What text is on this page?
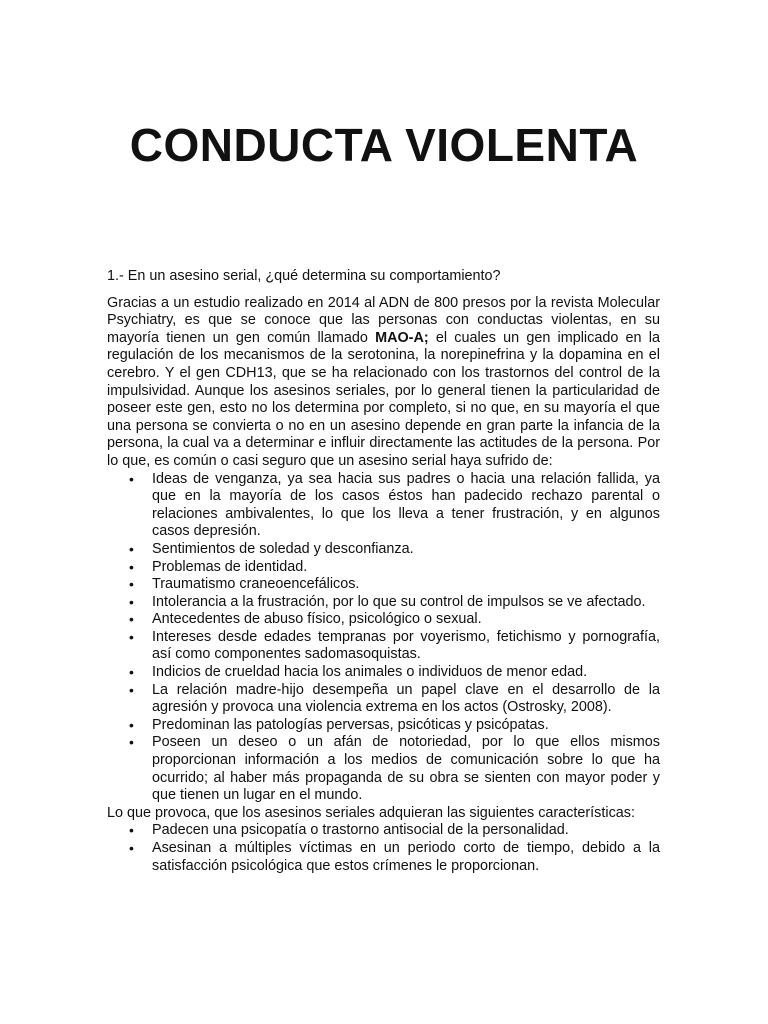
CONDUCTA VIOLENTA

1.- En un asesino serial, ¿qué determina su comportamiento?

Gracias a un estudio realizado en 2014 al ADN de 800 presos por la revista Molecular Psychiatry, es que se conoce que las personas con conductas violentas, en su mayoría tienen un gen común llamado MAO-A; el cuales un gen implicado en la regulación de los mecanismos de la serotonina, la norepinefrina y la dopamina en el cerebro. Y el gen CDH13, que se ha relacionado con los trastornos del control de la impulsividad. Aunque los asesinos seriales, por lo general tienen la particularidad de poseer este gen, esto no los determina por completo, si no que, en su mayoría el que una persona se convierta o no en un asesino depende en gran parte la infancia de la persona, la cual va a determinar e influir directamente las actitudes de la persona. Por lo que, es común o casi seguro que un asesino serial haya sufrido de:

• Ideas de venganza, ya sea hacia sus padres o hacia una relación fallida, ya que en la mayoría de los casos éstos han padecido rechazo parental o relaciones ambivalentes, lo que los lleva a tener frustración, y en algunos casos depresión.
• Sentimientos de soledad y desconfianza.
• Problemas de identidad.
• Traumatismo craneoencefálicos.
• Intolerancia a la frustración, por lo que su control de impulsos se ve afectado.
• Antecedentes de abuso físico, psicológico o sexual.
• Intereses desde edades tempranas por voyerismo, fetichismo y pornografía, así como componentes sadomasoquistas.
• Indicios de crueldad hacia los animales o individuos de menor edad.
• La relación madre-hijo desempeña un papel clave en el desarrollo de la agresión y provoca una violencia extrema en los actos (Ostrosky, 2008).
• Predominan las patologías perversas, psicóticas y psicópatas.
• Poseen un deseo o un afán de notoriedad, por lo que ellos mismos proporcionan información a los medios de comunicación sobre lo que ha ocurrido; al haber más propaganda de su obra se sienten con mayor poder y que tienen un lugar en el mundo.

Lo que provoca, que los asesinos seriales adquieran las siguientes características:

• Padecen una psicopatía o trastorno antisocial de la personalidad.
• Asesinan a múltiples víctimas en un periodo corto de tiempo, debido a la satisfacción psicológica que estos crímenes le proporcionan.
